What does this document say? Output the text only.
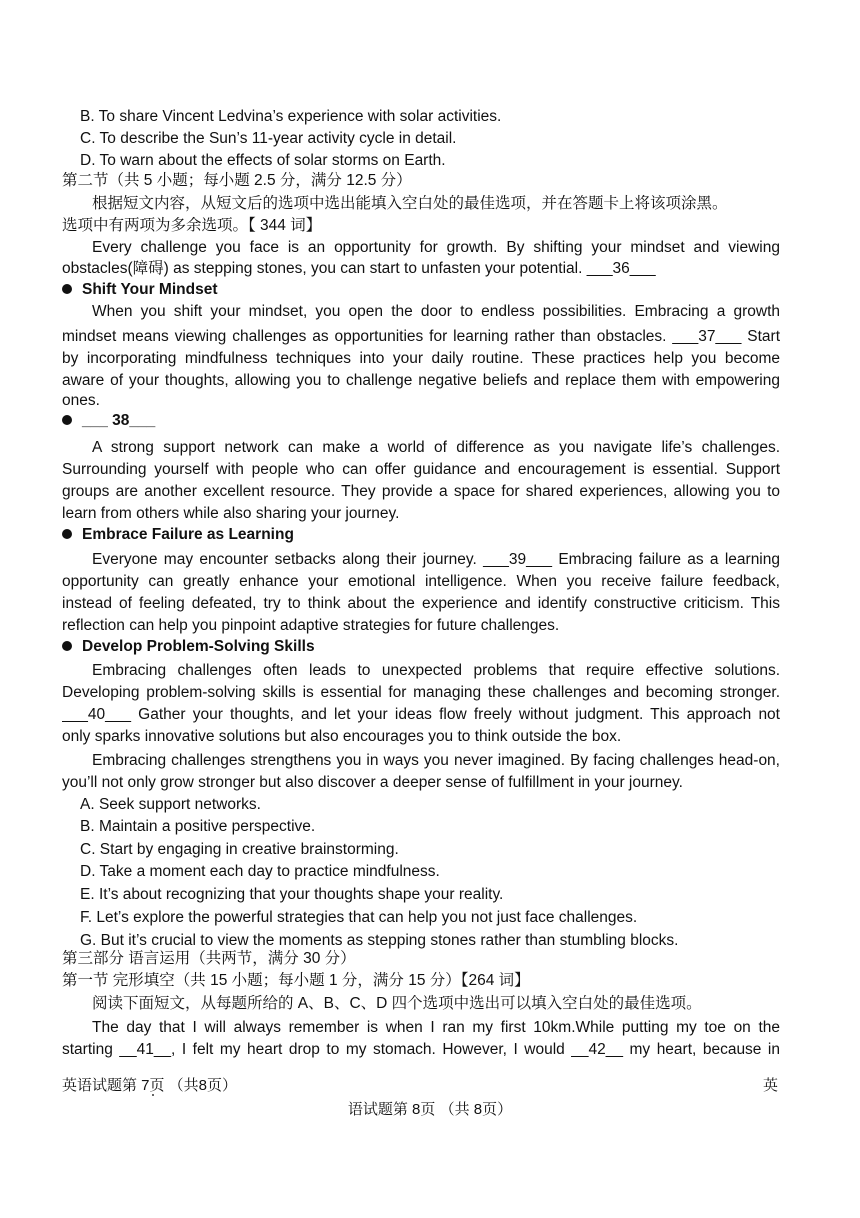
B. To share Vincent Ledvina’s experience with solar activities.
C. To describe the Sun’s 11-year activity cycle in detail.
D. To warn about the effects of solar storms on Earth.
第二节（共 5 小题；每小题 2.5 分，满分 12.5 分）
根据短文内容，从短文后的选项中选出能填入空白处的最佳选项，并在答题卡上将该项涂黑。
选项中有两项为多余选项。【 344 词】
Every challenge you face is an opportunity for growth. By shifting your mindset and viewing
obstacles(障碍) as stepping stones, you can start to unfasten your potential. ___36___
Shift Your Mindset
When you shift your mindset, you open the door to endless possibilities. Embracing a growth
mindset means viewing challenges as opportunities for learning rather than obstacles. ___37___ Start
by incorporating mindfulness techniques into your daily routine. These practices help you become
aware of your thoughts, allowing you to challenge negative beliefs and replace them with empowering
ones.
___ 38___
A strong support network can make a world of difference as you navigate life’s challenges.
Surrounding yourself with people who can offer guidance and encouragement is essential. Support
groups are another excellent resource. They provide a space for shared experiences, allowing you to
learn from others while also sharing your journey.
Embrace Failure as Learning
Everyone may encounter setbacks along their journey. ___39___ Embracing failure as a learning
opportunity can greatly enhance your emotional intelligence. When you receive failure feedback,
instead of feeling defeated, try to think about the experience and identify constructive criticism. This
reflection can help you pinpoint adaptive strategies for future challenges.
Develop Problem-Solving Skills
Embracing challenges often leads to unexpected problems that require effective solutions.
Developing problem-solving skills is essential for managing these challenges and becoming stronger.
___40___ Gather your thoughts, and let your ideas flow freely without judgment. This approach not
only sparks innovative solutions but also encourages you to think outside the box.
Embracing challenges strengthens you in ways you never imagined. By facing challenges head-on,
you’ll not only grow stronger but also discover a deeper sense of fulfillment in your journey.
A. Seek support networks.
B. Maintain a positive perspective.
C. Start by engaging in creative brainstorming.
D. Take a moment each day to practice mindfulness.
E. It’s about recognizing that your thoughts shape your reality.
F. Let’s explore the powerful strategies that can help you not just face challenges.
G. But it’s crucial to view the moments as stepping stones rather than stumbling blocks.
第三部分 语言运用（共两节，满分 30 分）
第一节 完形填空（共 15 小题；每小题 1 分，满分 15 分）【264 词】
阅读下面短文，从每题所给的 A、B、C、D 四个选项中选出可以填入空白处的最佳选项。
The day that I will always remember is when I ran my first 10km.While putting my toe on the
starting __41__, I felt my heart drop to my stomach. However, I would __42__ my heart, because in
英语试题第 7页 （共8页）	英
语试题第 8页 （共 8页）
